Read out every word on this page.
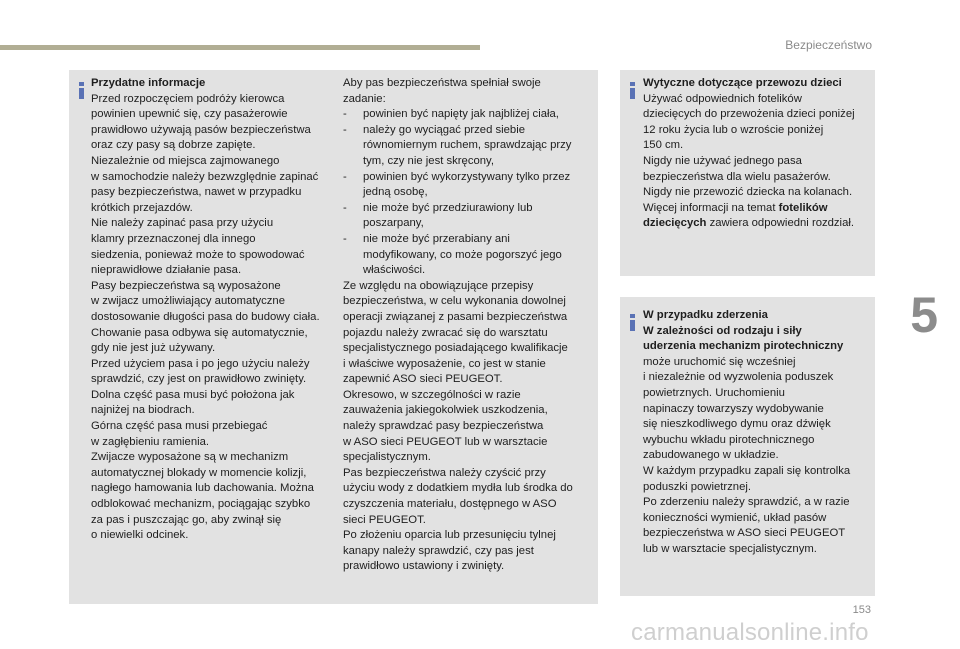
Bezpieczeństwo
5

Przydatne informacje

Przed rozpoczęciem podróży kierowca

powinien upewnić się, czy pasażerowie

prawidłowo używają pasów bezpieczeństwa

oraz czy pasy są dobrze zapięte.

Niezależnie od miejsca zajmowanego

w samochodzie należy bezwzględnie zapinać

pasy bezpieczeństwa, nawet w przypadku

krótkich przejazdów.

Nie należy zapinać pasa przy użyciu

klamry przeznaczonej dla innego

siedzenia, ponieważ może to spowodować

nieprawidłowe działanie pasa.

Pasy bezpieczeństwa są wyposażone

w zwijacz umożliwiający automatyczne

dostosowanie długości pasa do budowy ciała.

Chowanie pasa odbywa się automatycznie,

gdy nie jest już używany.

Przed użyciem pasa i po jego użyciu należy

sprawdzić, czy jest on prawidłowo zwinięty.

Dolna część pasa musi być położona jak

najniżej na biodrach.

Górna część pasa musi przebiegać

w zagłębieniu ramienia.

Zwijacze wyposażone są w mechanizm

automatycznej blokady w momencie kolizji,

nagłego hamowania lub dachowania. Można

odblokować mechanizm, pociągając szybko

za pas i puszczając go, aby zwinął się

o niewielki odcinek.

Aby pas bezpieczeństwa spełniał swoje

zadanie:

- powinien być napięty jak najbliżej ciała,

- należy go wyciągać przed siebie

równomiernym ruchem, sprawdzając przy

tym, czy nie jest skręcony,

- powinien być wykorzystywany tylko przez

jedną osobę,

- nie może być przedziurawiony lub

poszarpany,

- nie może być przerabiany ani

modyfikowany, co może pogorszyć jego

właściwości.

Ze względu na obowiązujące przepisy

bezpieczeństwa, w celu wykonania dowolnej

operacji związanej z pasami bezpieczeństwa

pojazdu należy zwracać się do warsztatu

specjalistycznego posiadającego kwalifikacje

i właściwe wyposażenie, co jest w stanie

zapewnić ASO sieci PEUGEOT.

Okresowo, w szczególności w razie

zauważenia jakiegokolwiek uszkodzenia,

należy sprawdzać pasy bezpieczeństwa

w ASO sieci PEUGEOT lub w warsztacie

specjalistycznym.

Pas bezpieczeństwa należy czyścić przy

użyciu wody z dodatkiem mydła lub środka do

czyszczenia materiału, dostępnego w ASO

sieci PEUGEOT.

Po złożeniu oparcia lub przesunięciu tylnej

kanapy należy sprawdzić, czy pas jest

prawidłowo ustawiony i zwinięty.

Wytyczne dotyczące przewozu dzieci

Używać odpowiednich fotelików

dziecięcych do przewożenia dzieci poniżej

12 roku życia lub o wzroście poniżej

150 cm.

Nigdy nie używać jednego pasa

bezpieczeństwa dla wielu pasażerów.

Nigdy nie przewozić dziecka na kolanach.

Więcej informacji na temat fotelików

dziecięcych zawiera odpowiedni rozdział.

W przypadku zderzenia

W zależności od rodzaju i siły

uderzenia mechanizm pirotechniczny

może uruchomić się wcześniej

i niezależnie od wyzwolenia poduszek

powietrznych. Uruchomieniu

napinaczy towarzyszy wydobywanie

się nieszkodliwego dymu oraz dźwięk

wybuchu wkładu pirotechnicznego

zabudowanego w układzie.

W każdym przypadku zapali się kontrolka

poduszki powietrznej.

Po zderzeniu należy sprawdzić, a w razie

konieczności wymienić, układ pasów

bezpieczeństwa w ASO sieci PEUGEOT

lub w warsztacie specjalistycznym.

153
carmanualsonline.info
